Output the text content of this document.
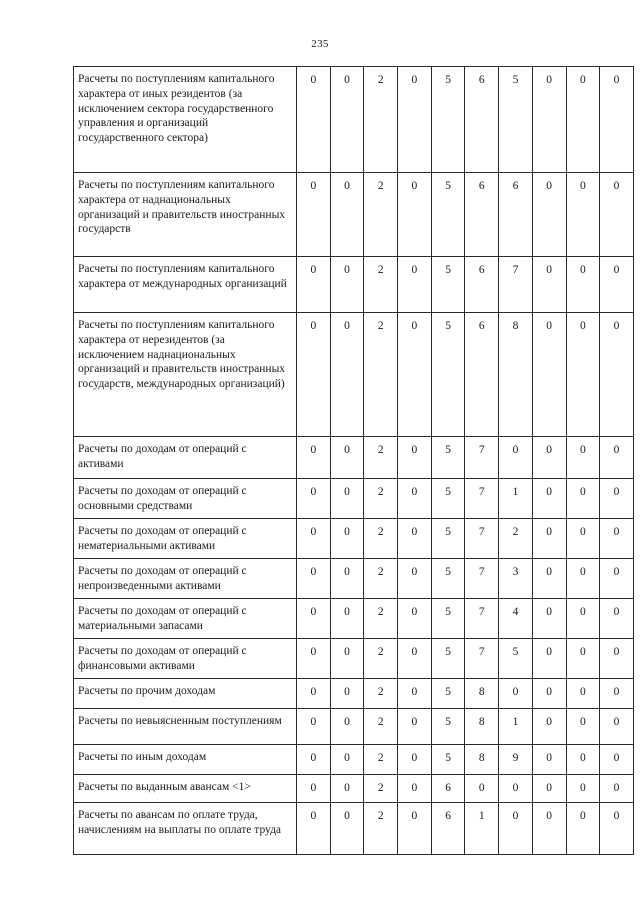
235
Расчеты по поступлениям капитального характера от иных резидентов (за исключением сектора государственного управления и организаций государственного сектора)	0	0	2	0	5	6	5	0	0	0
Расчеты по поступлениям капитального характера от наднациональных организаций и правительств иностранных государств	0	0	2	0	5	6	6	0	0	0
Расчеты по поступлениям капитального характера от международных организаций	0	0	2	0	5	6	7	0	0	0
Расчеты по поступлениям капитального характера от нерезидентов (за исключением наднациональных организаций и правительств иностранных государств, международных организаций)	0	0	2	0	5	6	8	0	0	0
Расчеты по доходам от операций с активами	0	0	2	0	5	7	0	0	0	0
Расчеты по доходам от операций с основными средствами	0	0	2	0	5	7	1	0	0	0
Расчеты по доходам от операций с нематериальными активами	0	0	2	0	5	7	2	0	0	0
Расчеты по доходам от операций с непроизведенными активами	0	0	2	0	5	7	3	0	0	0
Расчеты по доходам от операций с материальными запасами	0	0	2	0	5	7	4	0	0	0
Расчеты по доходам от операций с финансовыми активами	0	0	2	0	5	7	5	0	0	0
Расчеты по прочим доходам	0	0	2	0	5	8	0	0	0	0
Расчеты по невыясненным поступлениям	0	0	2	0	5	8	1	0	0	0
Расчеты по иным доходам	0	0	2	0	5	8	9	0	0	0
Расчеты по выданным авансам <1>	0	0	2	0	6	0	0	0	0	0
Расчеты по авансам по оплате труда, начислениям на выплаты по оплате труда	0	0	2	0	6	1	0	0	0	0
